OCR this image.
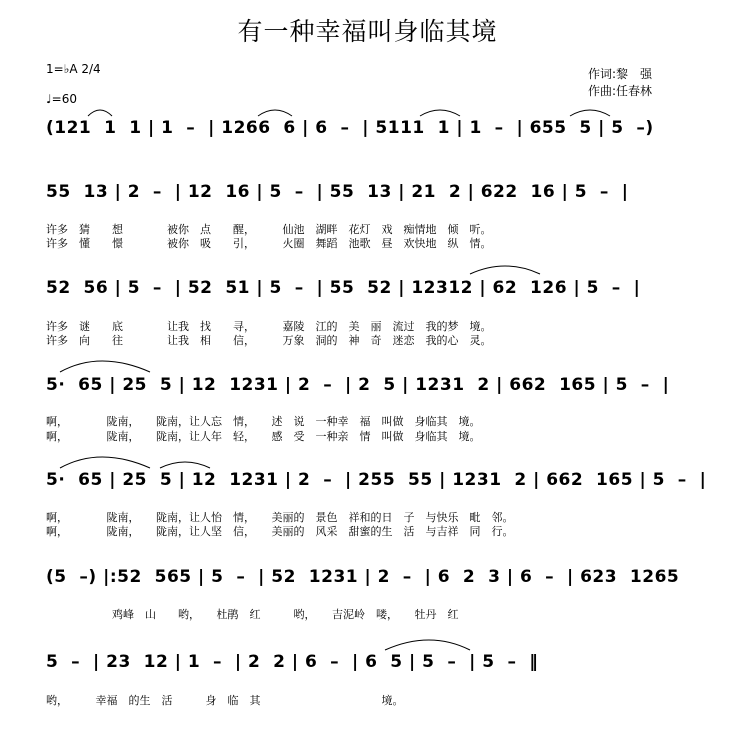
有一种幸福叫身临其境
1=♭A 2/4
♩=60
作词:黎　强
作曲:任春林
(121  1  1 | 1  –  | 1266  6 | 6  –  | 5111  1 | 1  –  | 655  5 | 5  –)
55  13 | 2  –  | 12  16 | 5  –  | 55  13 | 21  2 | 622  16 | 5  –  |
许多　猜　　想　　　　被你　点　　醒，　　　仙池　湖畔　花灯　戏　痴情地　倾　听。
许多　懂　　憬　　　　被你　吸　　引，　　　火圈　舞蹈　池歌　昼　欢快地　纵　情。
52  56 | 5  –  | 52  51 | 5  –  | 55  52 | 12312 | 62  126 | 5  –  |
许多　谜　　底　　　　让我　找　　寻，　　　嘉陵　江的　美　丽　流过　我的梦　境。
许多　向　　往　　　　让我　相　　信，　　　万象　洞的　神　奇　迷恋　我的心　灵。
5·  65 | 25  5 | 12  1231 | 2  –  | 2  5 | 1231  2 | 662  165 | 5  –  |
啊，　　　　陇南，　　陇南，让人忘　情，　　述　说　一种幸　福　叫做　身临其　境。
啊，　　　　陇南，　　陇南，让人年　轻，　　感　受　一种亲　情　叫做　身临其　境。
5·  65 | 25  5 | 12  1231 | 2  –  | 255  55 | 1231  2 | 662  165 | 5  –  |
啊，　　　　陇南，　　陇南，让人怡　情，　　美丽的　景色　祥和的日　子　与快乐　毗　邻。
啊，　　　　陇南，　　陇南，让人坚　信，　　美丽的　风采　甜蜜的生　活　与吉祥　同　行。
(5  –) |:52  565 | 5  –  | 52  1231 | 2  –  | 6  2  3 | 6  –  | 623  1265
　　　　　　鸡峰　山　　哟，　　杜鹃　红　　　哟，　　吉泥岭　喽，　　牡丹　红
5  –  | 23  12 | 1  –  | 2  2 | 6  –  | 6  5 | 5  –  | 5  –  ‖
哟，　　　幸福　的生　活　　　身　临　其　　　　　　　　　　　境。
